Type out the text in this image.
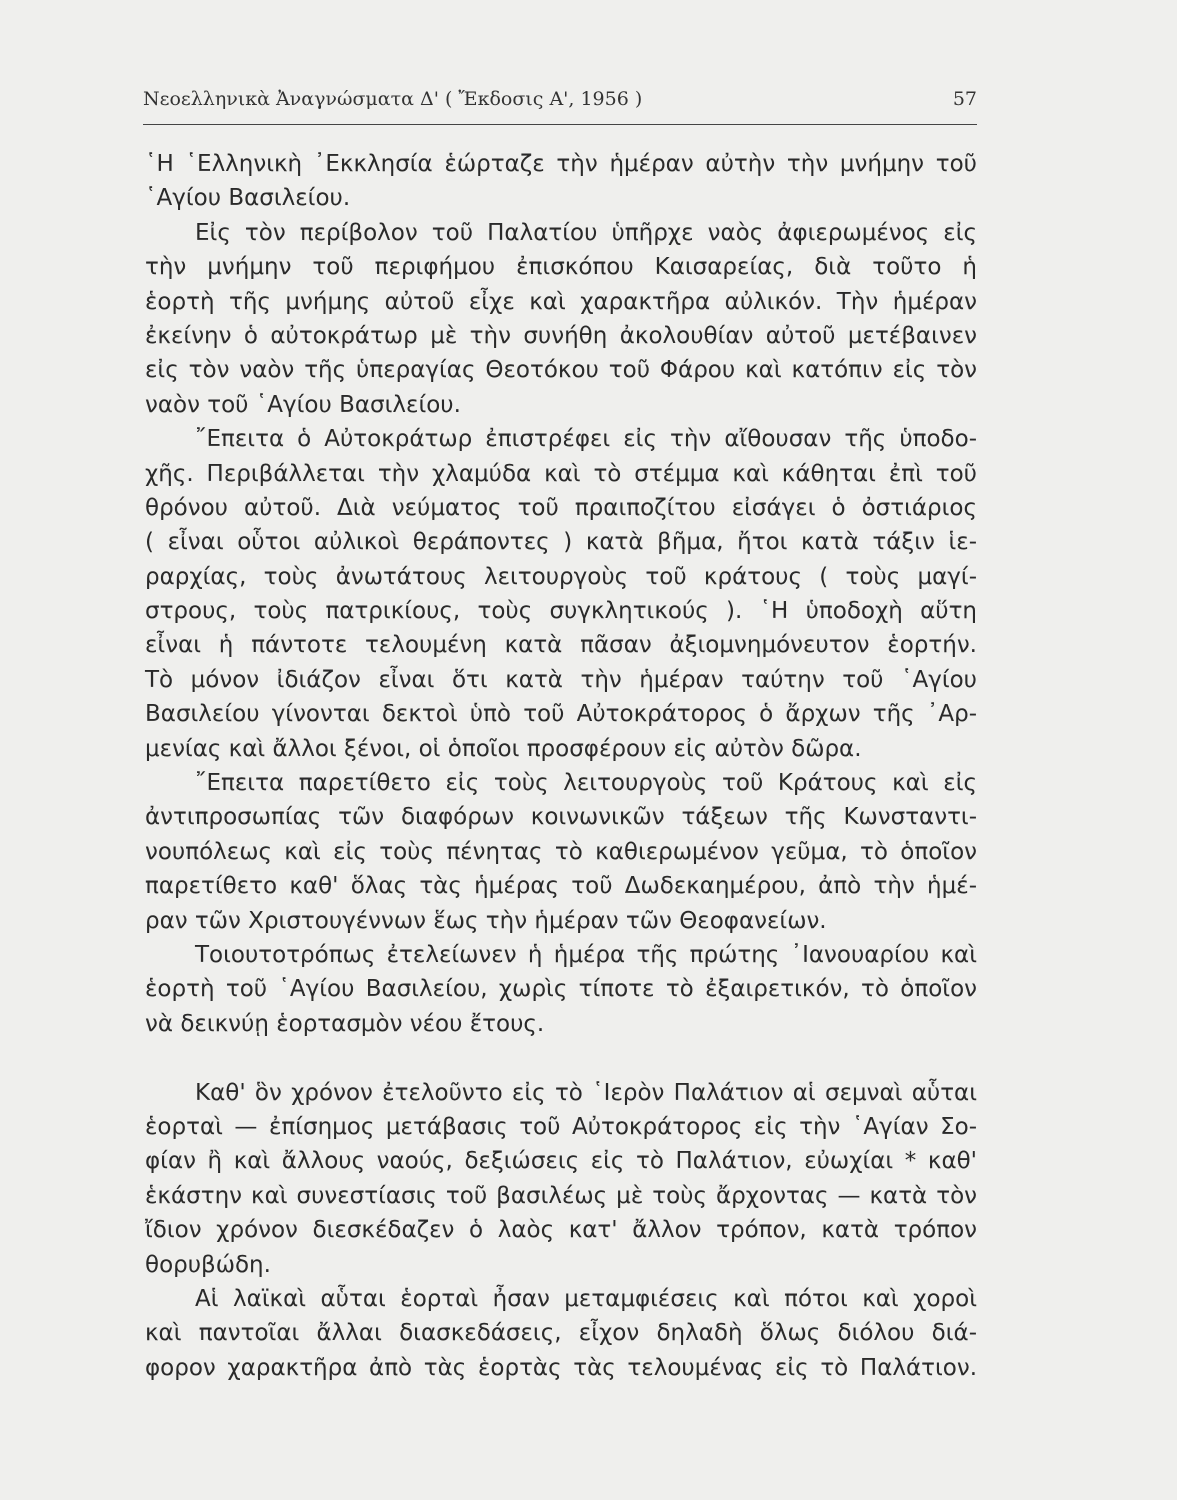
Νεοελληνικὰ Ἀναγνώσματα Δ' ( Ἔκδοσις Α', 1956 )	57
῾Η ῾Ελληνικὴ ᾿Εκκλησία ἑώρταζε τὴν ἡμέραν αὐτὴν τὴν μνήμην τοῦ
῾Αγίου Βασιλείου.
Εἰς τὸν περίβολον τοῦ Παλατίου ὑπῆρχε ναὸς ἀφιερωμένος εἰς
τὴν μνήμην τοῦ περιφήμου ἐπισκόπου Καισαρείας, διὰ τοῦτο ἡ
ἑορτὴ τῆς μνήμης αὐτοῦ εἶχε καὶ χαρακτῆρα αὐλικόν. Τὴν ἡμέραν
ἐκείνην ὁ αὐτοκράτωρ μὲ τὴν συνήθη ἀκολουθίαν αὐτοῦ μετέβαινεν
εἰς τὸν ναὸν τῆς ὑπεραγίας Θεοτόκου τοῦ Φάρου καὶ κατόπιν εἰς τὸν
ναὸν τοῦ ῾Αγίου Βασιλείου.
῎Επειτα ὁ Αὐτοκράτωρ ἐπιστρέφει εἰς τὴν αἴθουσαν τῆς ὑποδο-
χῆς. Περιβάλλεται τὴν χλαμύδα καὶ τὸ στέμμα καὶ κάθηται ἐπὶ τοῦ
θρόνου αὐτοῦ. Διὰ νεύματος τοῦ πραιποζίτου εἰσάγει ὁ ὀστιάριος
( εἶναι οὗτοι αὐλικοὶ θεράποντες ) κατὰ βῆμα, ἤτοι κατὰ τάξιν ἱε-
ραρχίας, τοὺς ἀνωτάτους λειτουργοὺς τοῦ κράτους ( τοὺς μαγί-
στρους, τοὺς πατρικίους, τοὺς συγκλητικούς ). ῾Η ὑποδοχὴ αὕτη
εἶναι ἡ πάντοτε τελουμένη κατὰ πᾶσαν ἀξιομνημόνευτον ἑορτήν.
Τὸ μόνον ἰδιάζον εἶναι ὅτι κατὰ τὴν ἡμέραν ταύτην τοῦ ῾Αγίου
Βασιλείου γίνονται δεκτοὶ ὑπὸ τοῦ Αὐτοκράτορος ὁ ἄρχων τῆς ᾿Αρ-
μενίας καὶ ἄλλοι ξένοι, οἱ ὁποῖοι προσφέρουν εἰς αὐτὸν δῶρα.
῎Επειτα παρετίθετο εἰς τοὺς λειτουργοὺς τοῦ Κράτους καὶ εἰς
ἀντιπροσωπίας τῶν διαφόρων κοινωνικῶν τάξεων τῆς Κωνσταντι-
νουπόλεως καὶ εἰς τοὺς πένητας τὸ καθιερωμένον γεῦμα, τὸ ὁποῖον
παρετίθετο καθ' ὅλας τὰς ἡμέρας τοῦ Δωδεκαημέρου, ἀπὸ τὴν ἡμέ-
ραν τῶν Χριστουγέννων ἕως τὴν ἡμέραν τῶν Θεοφανείων.
Τοιουτοτρόπως ἐτελείωνεν ἡ ἡμέρα τῆς πρώτης ᾿Ιανουαρίου καὶ
ἑορτὴ τοῦ ῾Αγίου Βασιλείου, χωρὶς τίποτε τὸ ἐξαιρετικόν, τὸ ὁποῖον
νὰ δεικνύῃ ἑορτασμὸν νέου ἔτους.
Καθ' ὃν χρόνον ἐτελοῦντο εἰς τὸ ῾Ιερὸν Παλάτιον αἱ σεμναὶ αὗται
ἑορταὶ — ἐπίσημος μετάβασις τοῦ Αὐτοκράτορος εἰς τὴν ῾Αγίαν Σο-
φίαν ἢ καὶ ἄλλους ναούς, δεξιώσεις εἰς τὸ Παλάτιον, εὐωχίαι * καθ'
ἑκάστην καὶ συνεστίασις τοῦ βασιλέως μὲ τοὺς ἄρχοντας — κατὰ τὸν
ἴδιον χρόνον διεσκέδαζεν ὁ λαὸς κατ' ἄλλον τρόπον, κατὰ τρόπον
θορυβώδη.
Αἱ λαϊκαὶ αὗται ἑορταὶ ἦσαν μεταμφιέσεις καὶ πότοι καὶ χοροὶ
καὶ παντοῖαι ἄλλαι διασκεδάσεις, εἶχον δηλαδὴ ὅλως διόλου διά-
φορον χαρακτῆρα ἀπὸ τὰς ἑορτὰς τὰς τελουμένας εἰς τὸ Παλάτιον.
